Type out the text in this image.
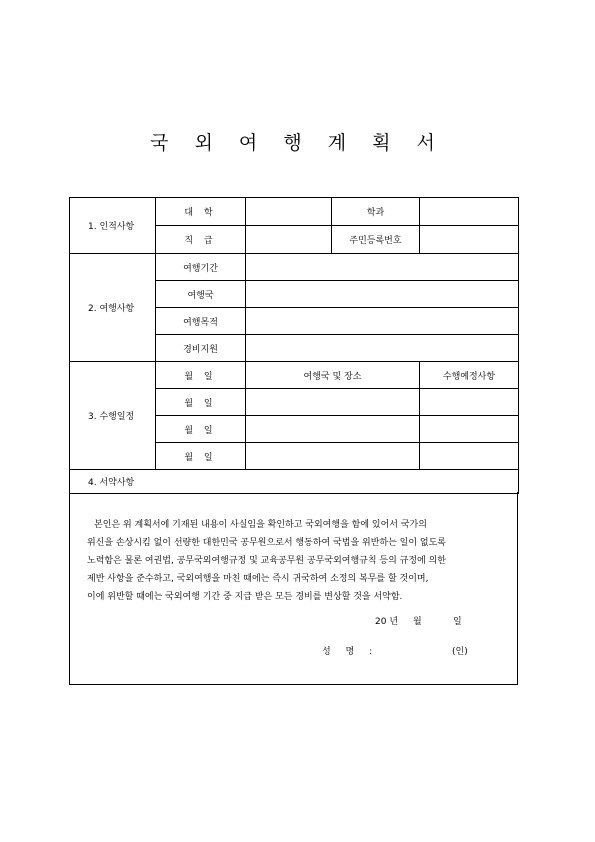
국 외 여 행 계 획 서
1. 인적사항	대 학		학과	
	직 급		주민등록번호	
2. 여행사항	여행기간			
	여행국			
	여행목적			
	경비지원			
3. 수행일정	월 일	여행국 및 장소		수행예정사항
	월 일			
	월 일			
	월 일			
4. 서약사항				
본인은 위 계획서에 기재된 내용이 사실임을 확인하고 국외여행을 함에 있어서 국가의
위신을 손상시킴 없이 선량한 대한민국 공무원으로서 행동하여 국법을 위반하는 일이 없도록
노력함은 물론 여권법, 공무국외여행규정 및 교육공무원 공무국외여행규칙 등의 규정에 의한
제반 사항을 준수하고, 국외여행을 마친 때에는 즉시 귀국하여 소정의 복무를 할 것이며,
이에 위반할 때에는 국외여행 기간 중 지급 받은 모든 경비를 변상할 것을 서약함.
20 년 월	일
성 명 :	(인)
